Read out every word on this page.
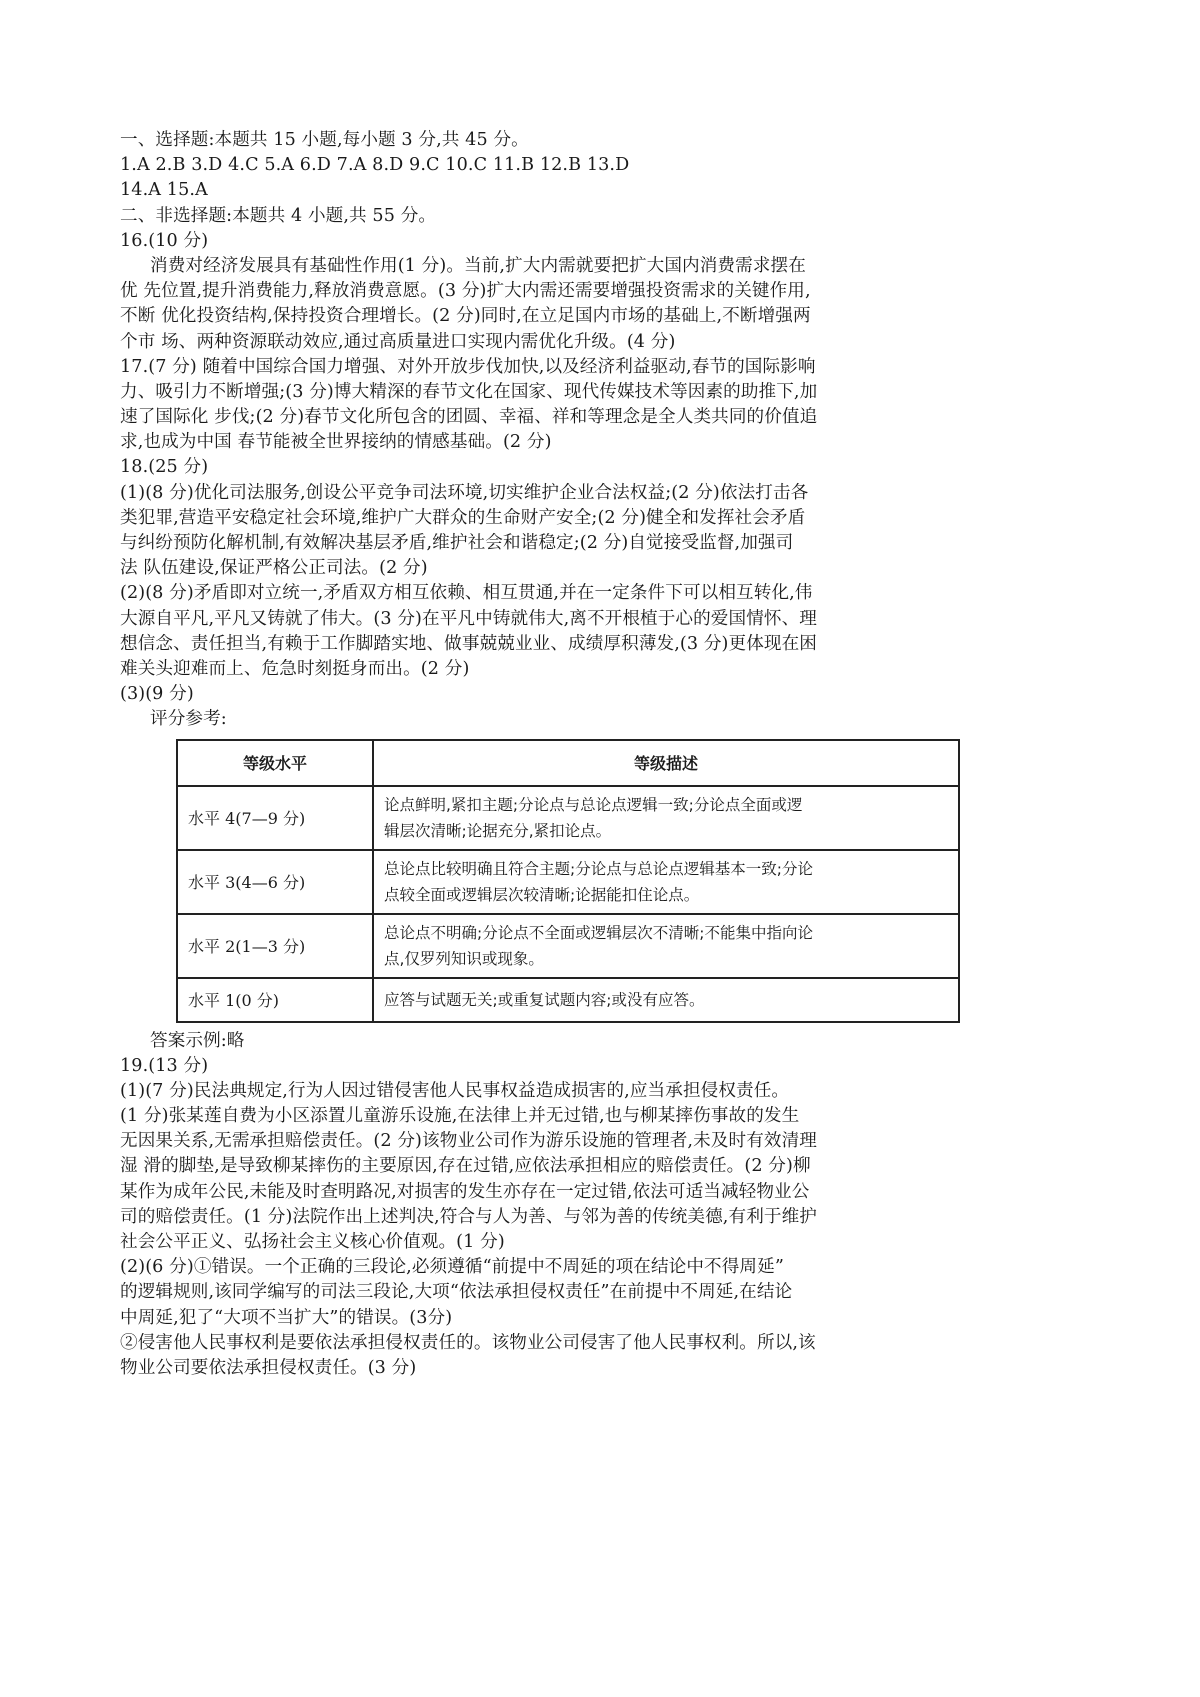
一、选择题:本题共 15 小题,每小题 3 分,共 45 分。
1.A 2.B 3.D 4.C 5.A 6.D 7.A 8.D 9.C 10.C 11.B 12.B 13.D
14.A 15.A
二、非选择题:本题共 4 小题,共 55 分。
16.(10 分)
消费对经济发展具有基础性作用(1 分)。当前,扩大内需就要把扩大国内消费需求摆在
优 先位置,提升消费能力,释放消费意愿。(3 分)扩大内需还需要增强投资需求的关键作用,
不断 优化投资结构,保持投资合理增长。(2 分)同时,在立足国内市场的基础上,不断增强两
个市 场、两种资源联动效应,通过高质量进口实现内需优化升级。(4 分)
17.(7 分) 随着中国综合国力增强、对外开放步伐加快,以及经济利益驱动,春节的国际影响
力、吸引力不断增强;(3 分)博大精深的春节文化在国家、现代传媒技术等因素的助推下,加
速了国际化 步伐;(2 分)春节文化所包含的团圆、幸福、祥和等理念是全人类共同的价值追
求,也成为中国 春节能被全世界接纳的情感基础。(2 分)
18.(25 分)
(1)(8 分)优化司法服务,创设公平竞争司法环境,切实维护企业合法权益;(2 分)依法打击各
类犯罪,营造平安稳定社会环境,维护广大群众的生命财产安全;(2 分)健全和发挥社会矛盾
与纠纷预防化解机制,有效解决基层矛盾,维护社会和谐稳定;(2 分)自觉接受监督,加强司
法 队伍建设,保证严格公正司法。(2 分)
(2)(8 分)矛盾即对立统一,矛盾双方相互依赖、相互贯通,并在一定条件下可以相互转化,伟
大源自平凡,平凡又铸就了伟大。(3 分)在平凡中铸就伟大,离不开根植于心的爱国情怀、理
想信念、责任担当,有赖于工作脚踏实地、做事兢兢业业、成绩厚积薄发,(3 分)更体现在困
难关头迎难而上、危急时刻挺身而出。(2 分)
(3)(9 分)
评分参考:
等级水平	等级描述
水平 4(7—9 分)	论点鲜明,紧扣主题;分论点与总论点逻辑一致;分论点全面或逻
辑层次清晰;论据充分,紧扣论点。

水平 3(4—6 分)	总论点比较明确且符合主题;分论点与总论点逻辑基本一致;分论
点较全面或逻辑层次较清晰;论据能扣住论点。

水平 2(1—3 分)	总论点不明确;分论点不全面或逻辑层次不清晰;不能集中指向论
点,仅罗列知识或现象。

水平 1(0 分)	应答与试题无关;或重复试题内容;或没有应答。
答案示例:略
19.(13 分)
(1)(7 分)民法典规定,行为人因过错侵害他人民事权益造成损害的,应当承担侵权责任。
(1 分)张某莲自费为小区添置儿童游乐设施,在法律上并无过错,也与柳某摔伤事故的发生
无因果关系,无需承担赔偿责任。(2 分)该物业公司作为游乐设施的管理者,未及时有效清理
湿 滑的脚垫,是导致柳某摔伤的主要原因,存在过错,应依法承担相应的赔偿责任。(2 分)柳
某作为成年公民,未能及时查明路况,对损害的发生亦存在一定过错,依法可适当减轻物业公
司的赔偿责任。(1 分)法院作出上述判决,符合与人为善、与邻为善的传统美德,有利于维护
社会公平正义、弘扬社会主义核心价值观。(1 分)
(2)(6 分)①错误。一个正确的三段论,必须遵循“前提中不周延的项在结论中不得周延”
的逻辑规则,该同学编写的司法三段论,大项“依法承担侵权责任”在前提中不周延,在结论
中周延,犯了“大项不当扩大”的错误。(3分)
②侵害他人民事权利是要依法承担侵权责任的。该物业公司侵害了他人民事权利。所以,该
物业公司要依法承担侵权责任。(3 分)
